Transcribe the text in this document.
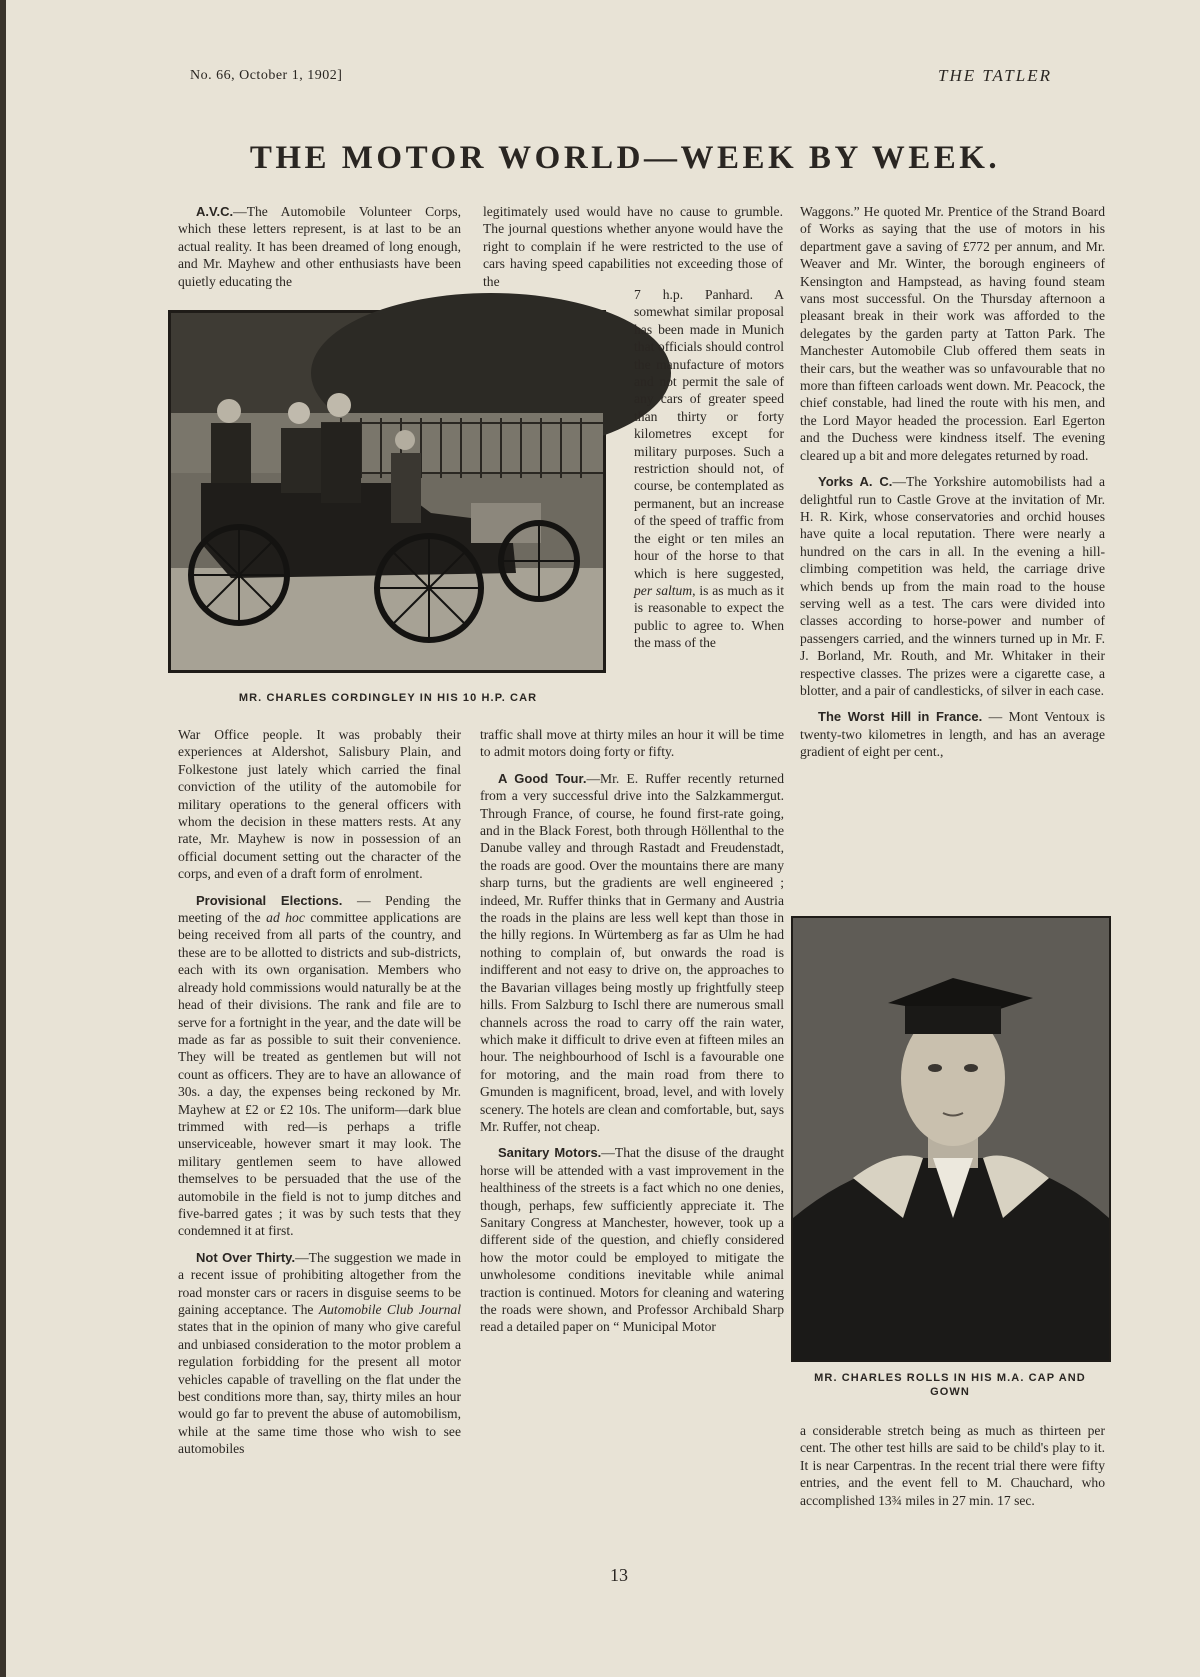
No. 66, October 1, 1902]	THE TATLER
THE MOTOR WORLD—WEEK BY WEEK.

A.V.C.—The Automobile Volunteer Corps, which these letters represent, is at last to be an actual reality. It has been dreamed of long enough, and Mr. Mayhew and other enthusiasts have been quietly educating the

War Office people. It was probably their experiences at Aldershot, Salisbury Plain, and Folkestone just lately which carried the final conviction of the utility of the automobile for military operations to the general officers with whom the decision in these matters rests. At any rate, Mr. Mayhew is now in possession of an official document setting out the character of the corps, and even of a draft form of enrolment.

Provisional Elections. — Pending the meeting of the ad hoc committee applications are being received from all parts of the country, and these are to be allotted to districts and sub-districts, each with its own organisation. Members who already hold commissions would naturally be at the head of their divisions. The rank and file are to serve for a fortnight in the year, and the date will be made as far as possible to suit their convenience. They will be treated as gentlemen but will not count as officers. They are to have an allowance of 30s. a day, the expenses being reckoned by Mr. Mayhew at £2 or £2 10s. The uniform—dark blue trimmed with red—is perhaps a trifle unserviceable, however smart it may look. The military gentlemen seem to have allowed themselves to be persuaded that the use of the automobile in the field is not to jump ditches and five-barred gates ; it was by such tests that they condemned it at first.

Not Over Thirty.—The suggestion we made in a recent issue of prohibiting altogether from the road monster cars or racers in disguise seems to be gaining acceptance. The Automobile Club Journal states that in the opinion of many who give careful and unbiased consideration to the motor problem a regulation forbidding for the present all motor vehicles capable of travelling on the flat under the best conditions more than, say, thirty miles an hour would go far to prevent the abuse of automobilism, while at the same time those who wish to see automobiles

legitimately used would have no cause to grumble. The journal questions whether anyone would have the right to complain if he were restricted to the use of cars having speed capabilities not exceeding those of the

7 h.p. Panhard. A somewhat similar proposal has been made in Munich that officials should control the manufacture of motors and not permit the sale of any cars of greater speed than thirty or forty kilometres except for military purposes. Such a restriction should not, of course, be contemplated as permanent, but an increase of the speed of traffic from the eight or ten miles an hour of the horse to that which is here suggested, per saltum, is as much as it is reasonable to expect the public to agree to. When the mass of the

MR. CHARLES CORDINGLEY IN HIS 10 H.P. CAR

traffic shall move at thirty miles an hour it will be time to admit motors doing forty or fifty.

A Good Tour.—Mr. E. Ruffer recently returned from a very successful drive into the Salzkammergut. Through France, of course, he found first-rate going, and in the Black Forest, both through Höllenthal to the Danube valley and through Rastadt and Freudenstadt, the roads are good. Over the mountains there are many sharp turns, but the gradients are well engineered ; indeed, Mr. Ruffer thinks that in Germany and Austria the roads in the plains are less well kept than those in the hilly regions. In Würtemberg as far as Ulm he had nothing to complain of, but onwards the road is indifferent and not easy to drive on, the approaches to the Bavarian villages being mostly up frightfully steep hills. From Salzburg to Ischl there are numerous small channels across the road to carry off the rain water, which make it difficult to drive even at fifteen miles an hour. The neighbourhood of Ischl is a favourable one for motoring, and the main road from there to Gmunden is magnificent, broad, level, and with lovely scenery. The hotels are clean and comfortable, but, says Mr. Ruffer, not cheap.

Sanitary Motors.—That the disuse of the draught horse will be attended with a vast improvement in the healthiness of the streets is a fact which no one denies, though, perhaps, few sufficiently appreciate it. The Sanitary Congress at Manchester, however, took up a different side of the question, and chiefly considered how the motor could be employed to mitigate the unwholesome conditions inevitable while animal traction is continued. Motors for cleaning and watering the roads were shown, and Professor Archibald Sharp read a detailed paper on “ Municipal Motor

Waggons.” He quoted Mr. Prentice of the Strand Board of Works as saying that the use of motors in his department gave a saving of £772 per annum, and Mr. Weaver and Mr. Winter, the borough engineers of Kensington and Hampstead, as having found steam vans most successful. On the Thursday afternoon a pleasant break in their work was afforded to the delegates by the garden party at Tatton Park. The Manchester Automobile Club offered them seats in their cars, but the weather was so unfavourable that no more than fifteen carloads went down. Mr. Peacock, the chief constable, had lined the route with his men, and the Lord Mayor headed the procession. Earl Egerton and the Duchess were kindness itself. The evening cleared up a bit and more delegates returned by road.

Yorks A. C.—The Yorkshire automobilists had a delightful run to Castle Grove at the invitation of Mr. H. R. Kirk, whose conservatories and orchid houses have quite a local reputation. There were nearly a hundred on the cars in all. In the evening a hill-climbing competition was held, the carriage drive which bends up from the main road to the house serving well as a test. The cars were divided into classes according to horse-power and number of passengers carried, and the winners turned up in Mr. F. J. Borland, Mr. Routh, and Mr. Whitaker in their respective classes. The prizes were a cigarette case, a blotter, and a pair of candlesticks, of silver in each case.

The Worst Hill in France. — Mont Ventoux is twenty-two kilometres in length, and has an average gradient of eight per cent.,

MR. CHARLES ROLLS IN HIS M.A. CAP AND GOWN

a considerable stretch being as much as thirteen per cent. The other test hills are said to be child's play to it. It is near Carpentras. In the recent trial there were fifty entries, and the event fell to M. Chauchard, who accomplished 13¾ miles in 27 min. 17 sec.

13
